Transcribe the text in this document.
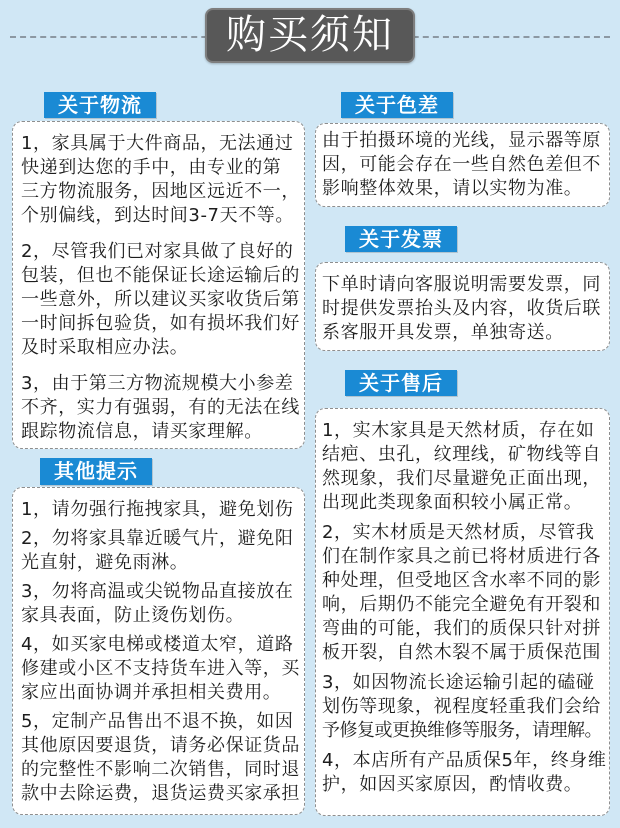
购买须知
关于物流
1，家具属于大件商品，无法通过
快递到达您的手中，由专业的第
三方物流服务，因地区远近不一，
个别偏线，到达时间3-7天不等。
2，尽管我们已对家具做了良好的
包装，但也不能保证长途运输后的
一些意外，所以建议买家收货后第
一时间拆包验货，如有损坏我们好
及时采取相应办法。
3，由于第三方物流规模大小参差
不齐，实力有强弱，有的无法在线
跟踪物流信息，请买家理解。
其他提示
1，请勿强行拖拽家具，避免划伤
2，勿将家具靠近暖气片，避免阳
光直射，避免雨淋。
3，勿将高温或尖锐物品直接放在
家具表面，防止烫伤划伤。
4，如买家电梯或楼道太窄，道路
修建或小区不支持货车进入等，买
家应出面协调并承担相关费用。
5，定制产品售出不退不换，如因
其他原因要退货，请务必保证货品
的完整性不影响二次销售，同时退
款中去除运费，退货运费买家承担
关于色差
由于拍摄环境的光线，显示器等原
因，可能会存在一些自然色差但不
影响整体效果，请以实物为准。
关于发票
下单时请向客服说明需要发票，同
时提供发票抬头及内容，收货后联
系客服开具发票，单独寄送。
关于售后
1，实木家具是天然材质，存在如
结疤、虫孔，纹理线，矿物线等自
然现象，我们尽量避免正面出现，
出现此类现象面积较小属正常。
2，实木材质是天然材质，尽管我
们在制作家具之前已将材质进行各
种处理，但受地区含水率不同的影
响，后期仍不能完全避免有开裂和
弯曲的可能，我们的质保只针对拼
板开裂，自然木裂不属于质保范围
3，如因物流长途运输引起的磕碰
划伤等现象，视程度轻重我们会给
予修复或更换维修等服务，请理解。
4，本店所有产品质保5年，终身维
护，如因买家原因，酌情收费。
